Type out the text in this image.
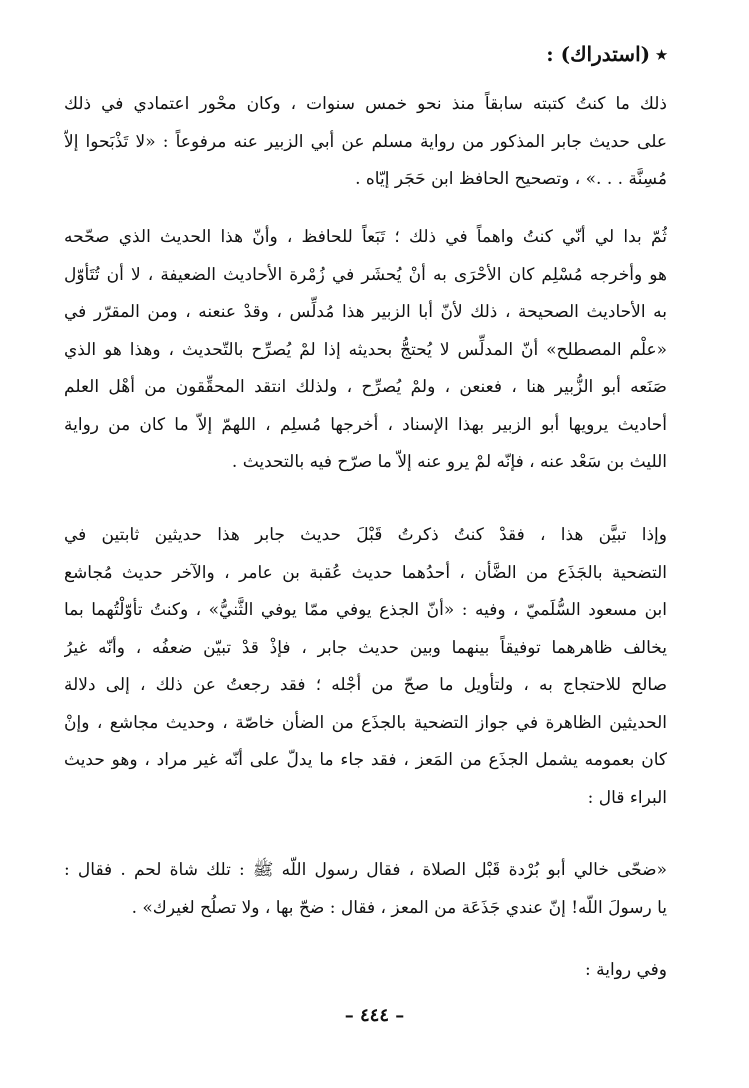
٭(استدراك) :

ذلك ما كنتُ كتبته سابقاً منذ نحو خمس سنوات ، وكان محْور اعتمادي في ذلك
على حديث جابر المذكور من رواية مسلم عن أبي الزبير عنه مرفوعاً : «لا تَذْبَحوا إلاّ
مُسِنَّة . . .» ، وتصحيح الحافظ ابن حَجَر إيّاه .

ثُمّ بدا لي أنّي كنتُ واهماً في ذلك ؛ تَبَعاً للحافظ ، وأنّ هذا الحديث الذي صحّحه
هو وأخرجه مُسْلِم كان الأحْرَى به أنْ يُحشَر في زُمْرة الأحاديث الضعيفة ، لا أن تُتَأوّل
به الأحاديث الصحيحة ، ذلك لأنّ أبا الزبير هذا مُدلِّس ، وقدْ عنعنه ، ومن المقرّر في
«علْم المصطلح» أنّ المدلِّس لا يُحتجُّ بحديثه إذا لمْ يُصرِّح بالتّحديث ، وهذا هو الذي
صَنَعه أبو الزُّبير هنا ، فعنعن ، ولمْ يُصرِّح ، ولذلك انتقد المحقِّقون من أهْل العلم
أحاديث يرويها أبو الزبير بهذا الإسناد ، أخرجها مُسلِم ، اللهمّ إلاّ ما كان من رواية
الليث بن سَعْد عنه ، فإنّه لمْ يرو عنه إلاّ ما صرّح فيه بالتحديث .

وإذا تبيَّن هذا ، فقدْ كنتُ ذكرتُ قَبْلَ حديث جابر هذا حديثين ثابتين في
التضحية بالجَذَع من الضَّأن ، أحدُهما حديث عُقبة بن عامر ، والآخر حديث مُجاشع
ابن مسعود السُّلَميّ ، وفيه : «أنّ الجذع يوفي ممّا يوفي الثَّنيُّ» ، وكنتُ تأوّلْتُهما بما
يخالف ظاهرهما توفيقاً بينهما وبين حديث جابر ، فإذْ قدْ تبيّن ضعفُه ، وأنّه غيرُ
صالح للاحتجاج به ، ولتأويل ما صحّ من أجْله ؛ فقد رجعتُ عن ذلك ، إلى دلالة
الحديثين الظاهرة في جواز التضحية بالجذَع من الضأن خاصّة ، وحديث مجاشع ، وإنْ
كان بعمومه يشمل الجذَع من المَعز ، فقد جاء ما يدلّ على أنّه غير مراد ، وهو حديث
البراء قال :

«ضحّى خالي أبو بُرْدة قَبْل الصلاة ، فقال رسول اللّه ﷺ : تلك شاة لحم . فقال :
يا رسولَ اللّه! إنّ عندي جَذَعَة من المعز ، فقال : ضحّ بها ، ولا تصلُح لغيرك» .

وفي رواية :

– ٤٤٤ –
